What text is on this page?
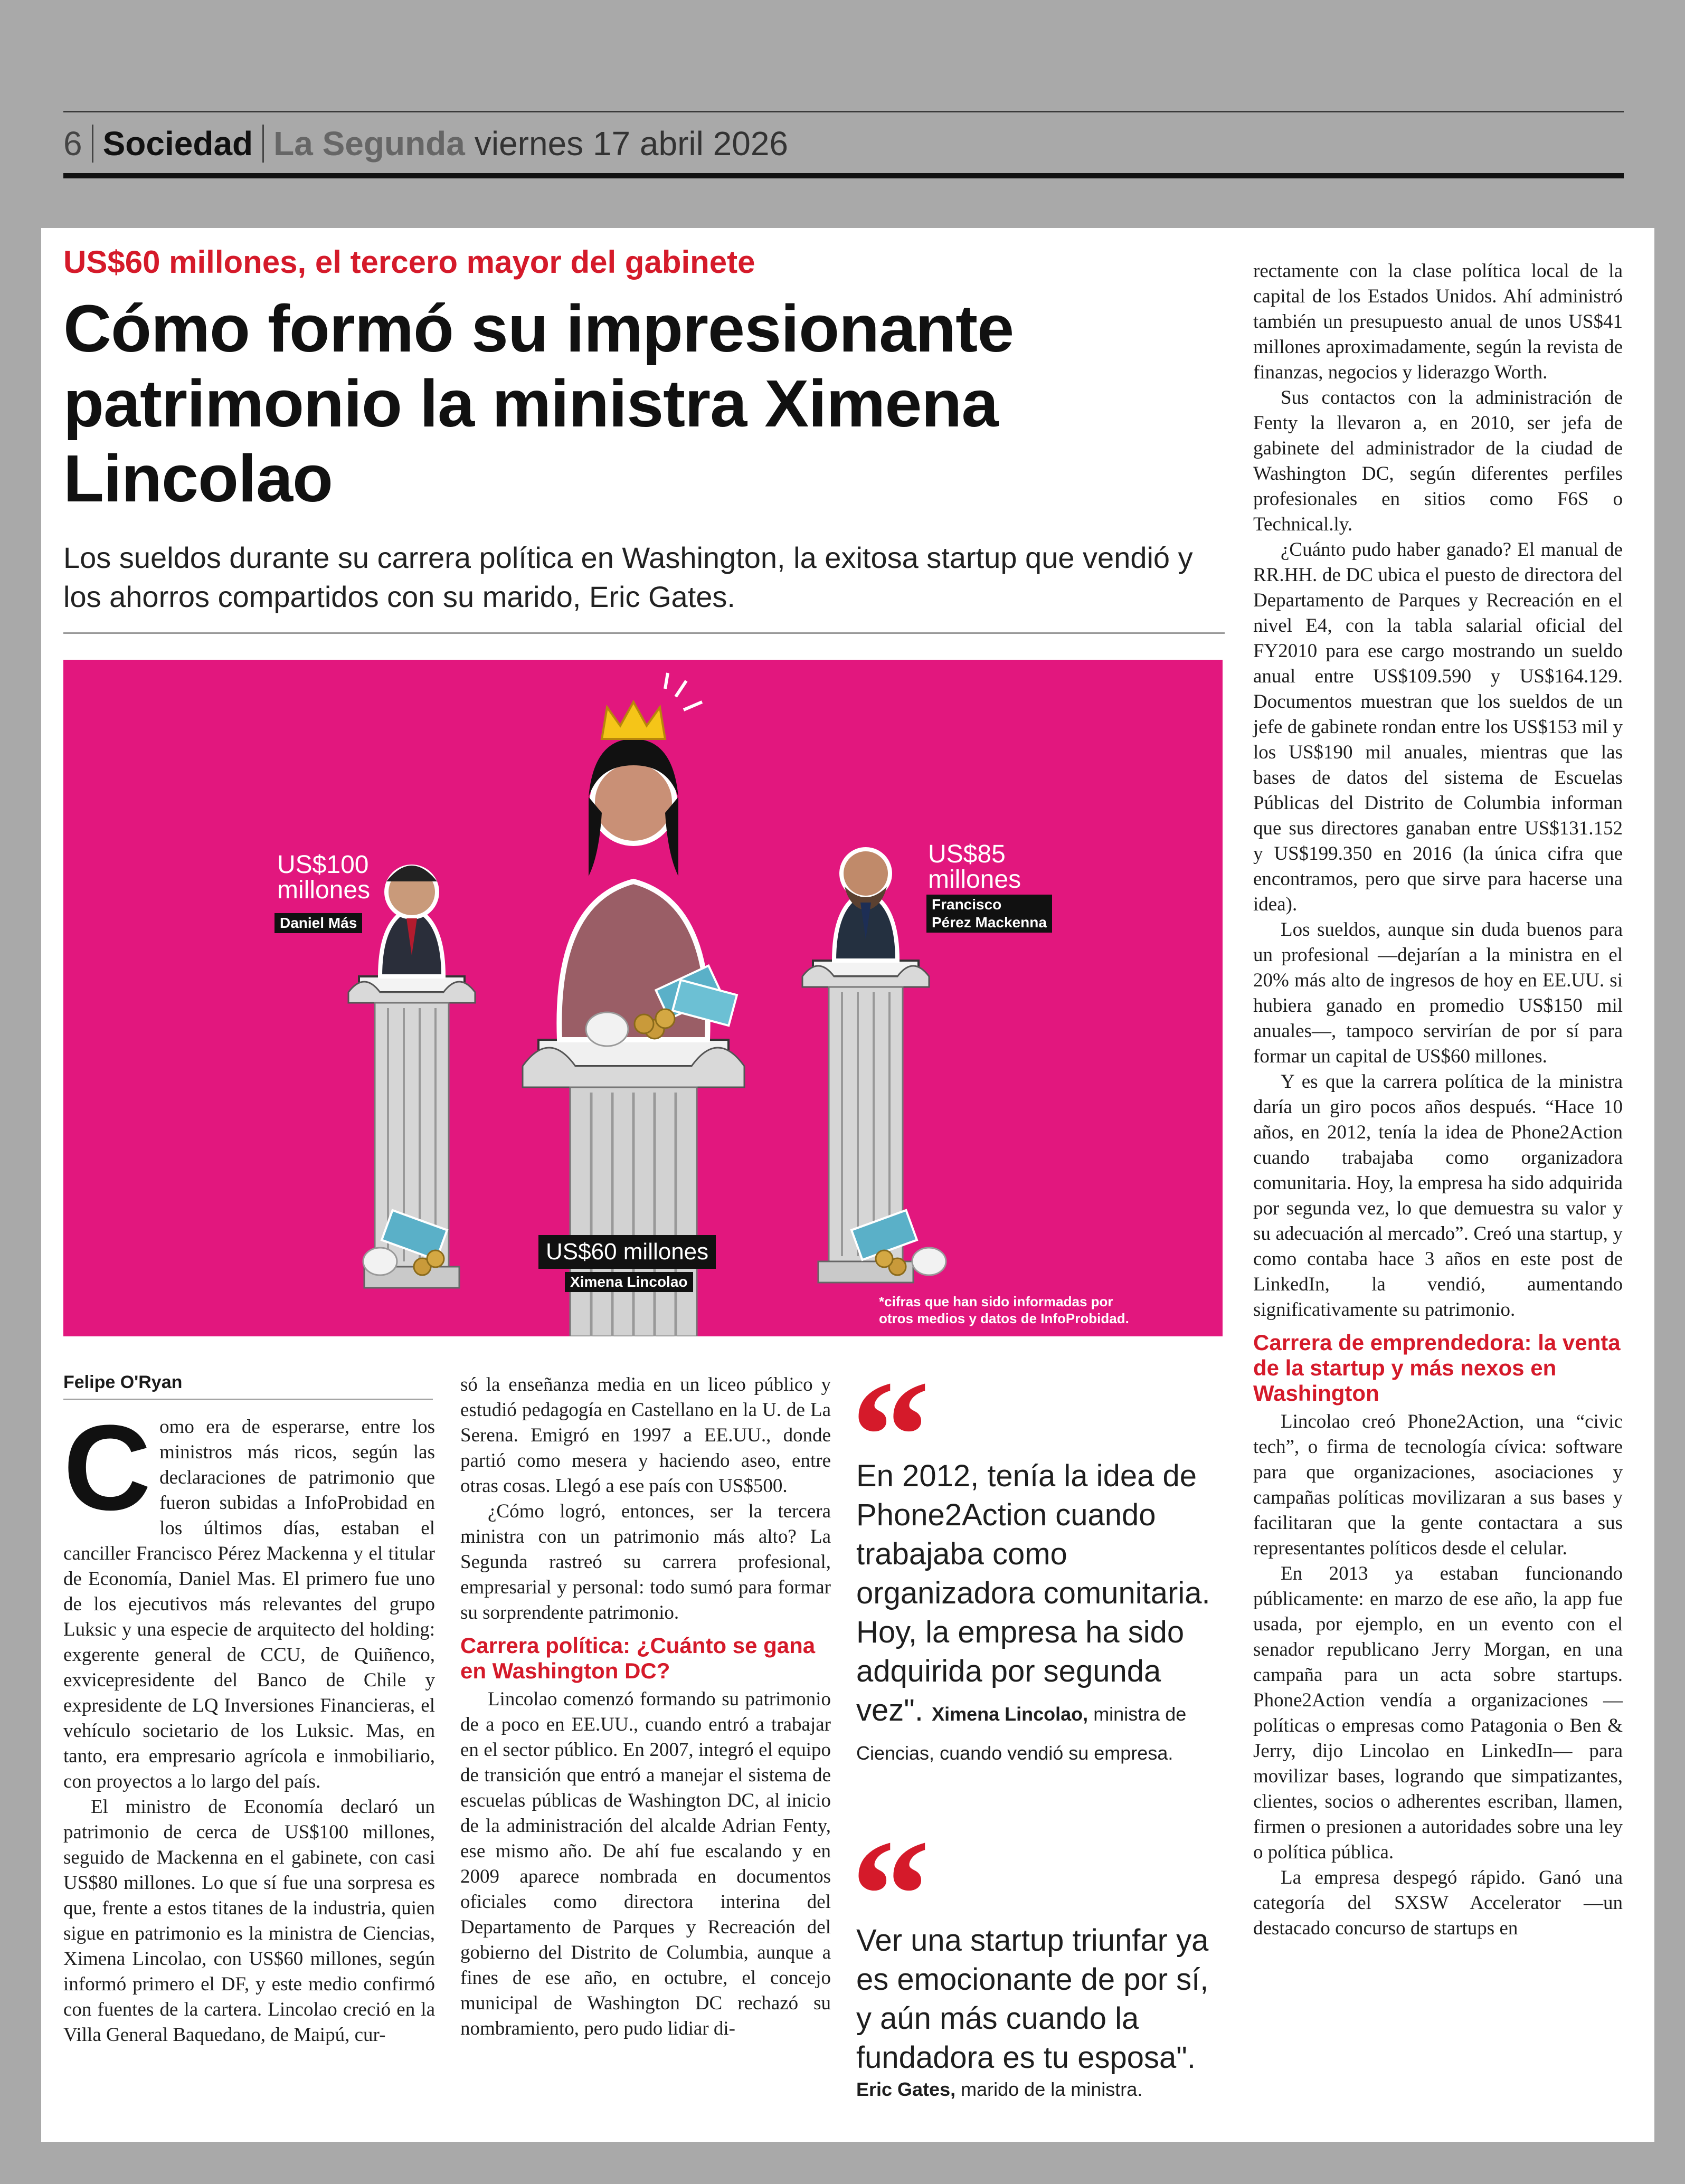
6 Sociedad La Segunda viernes 17 abril 2026
US$60 millones, el tercero mayor del gabinete
Cómo formó su impresionante patrimonio la ministra Ximena Lincolao
Los sueldos durante su carrera política en Washington, la exitosa startup que vendió y los ahorros compartidos con su marido, Eric Gates.
US$100 millones
Daniel Más
US$85 millones
Francisco
Pérez Mackenna
US$60 millones
Ximena Lincolao
*cifras que han sido informadas por
otros medios y datos de InfoProbidad.
Felipe O'Ryan

Como era de esperarse, entre los ministros más ricos, según las declaraciones de patrimonio que fueron subidas a InfoProbidad en los últimos días, estaban el canciller Francisco Pérez Mackenna y el titular de Economía, Daniel Mas. El primero fue uno de los ejecutivos más relevantes del grupo Luksic y una especie de arquitecto del holding: exgerente general de CCU, de Quiñenco, exvicepresidente del Banco de Chile y expresidente de LQ Inversiones Financieras, el vehículo societario de los Luksic. Mas, en tanto, era empresario agrícola e inmobiliario, con proyectos a lo largo del país.

El ministro de Economía declaró un patrimonio de cerca de US$100 millones, seguido de Mackenna en el gabinete, con casi US$80 millones. Lo que sí fue una sorpresa es que, frente a estos titanes de la industria, quien sigue en patrimonio es la ministra de Ciencias, Ximena Lincolao, con US$60 millones, según informó primero el DF, y este medio confirmó con fuentes de la cartera. Lincolao creció en la Villa General Baquedano, de Maipú, cur-

só la enseñanza media en un liceo público y estudió pedagogía en Castellano en la U. de La Serena. Emigró en 1997 a EE.UU., donde partió como mesera y haciendo aseo, entre otras cosas. Llegó a ese país con US$500.

¿Cómo logró, entonces, ser la tercera ministra con un patrimonio más alto? La Segunda rastreó su carrera profesional, empresarial y personal: todo sumó para formar su sorprendente patrimonio.

Carrera política: ¿Cuánto se gana en Washington DC?

Lincolao comenzó formando su patrimonio de a poco en EE.UU., cuando entró a trabajar en el sector público. En 2007, integró el equipo de transición que entró a manejar el sistema de escuelas públicas de Washington DC, al inicio de la administración del alcalde Adrian Fenty, ese mismo año. De ahí fue escalando y en 2009 aparece nombrada en documentos oficiales como directora interina del Departamento de Parques y Recreación del gobierno del Distrito de Columbia, aunque a fines de ese año, en octubre, el concejo municipal de Washington DC rechazó su nombramiento, pero pudo lidiar di-

“
En 2012, tenía la idea de Phone2Action cuando trabajaba como organizadora comunitaria. Hoy, la empresa ha sido adquirida por segunda vez". Ximena Lincolao, ministra de Ciencias, cuando vendió su empresa.
“
Ver una startup triunfar ya es emocionante de por sí, y aún más cuando la fundadora es tu esposa".
Eric Gates, marido de la ministra.

rectamente con la clase política local de la capital de los Estados Unidos. Ahí administró también un presupuesto anual de unos US$41 millones aproximadamente, según la revista de finanzas, negocios y liderazgo Worth.

Sus contactos con la administración de Fenty la llevaron a, en 2010, ser jefa de gabinete del administrador de la ciudad de Washington DC, según diferentes perfiles profesionales en sitios como F6S o Technical.ly.

¿Cuánto pudo haber ganado? El manual de RR.HH. de DC ubica el puesto de directora del Departamento de Parques y Recreación en el nivel E4, con la tabla salarial oficial del FY2010 para ese cargo mostrando un sueldo anual entre US$109.590 y US$164.129. Documentos muestran que los sueldos de un jefe de gabinete rondan entre los US$153 mil y los US$190 mil anuales, mientras que las bases de datos del sistema de Escuelas Públicas del Distrito de Columbia informan que sus directores ganaban entre US$131.152 y US$199.350 en 2016 (la única cifra que encontramos, pero que sirve para hacerse una idea).

Los sueldos, aunque sin duda buenos para un profesional —dejarían a la ministra en el 20% más alto de ingresos de hoy en EE.UU. si hubiera ganado en promedio US$150 mil anuales—, tampoco servirían de por sí para formar un capital de US$60 millones.

Y es que la carrera política de la ministra daría un giro pocos años después. “Hace 10 años, en 2012, tenía la idea de Phone2Action cuando trabajaba como organizadora comunitaria. Hoy, la empresa ha sido adquirida por segunda vez, lo que demuestra su valor y su adecuación al mercado”. Creó una startup, y como contaba hace 3 años en este post de LinkedIn, la vendió, aumentando significativamente su patrimonio.

Carrera de emprendedora: la venta de la startup y más nexos en Washington

Lincolao creó Phone2Action, una “civic tech”, o firma de tecnología cívica: software para que organizaciones, asociaciones y campañas políticas movilizaran a sus bases y facilitaran que la gente contactara a sus representantes políticos desde el celular.

En 2013 ya estaban funcionando públicamente: en marzo de ese año, la app fue usada, por ejemplo, en un evento con el senador republicano Jerry Morgan, en una campaña para un acta sobre startups. Phone2Action vendía a organizaciones —políticas o empresas como Patagonia o Ben & Jerry, dijo Lincolao en LinkedIn— para movilizar bases, logrando que simpatizantes, clientes, socios o adherentes escriban, llamen, firmen o presionen a autoridades sobre una ley o política pública.

La empresa despegó rápido. Ganó una categoría del SXSW Accelerator —un destacado concurso de startups en
